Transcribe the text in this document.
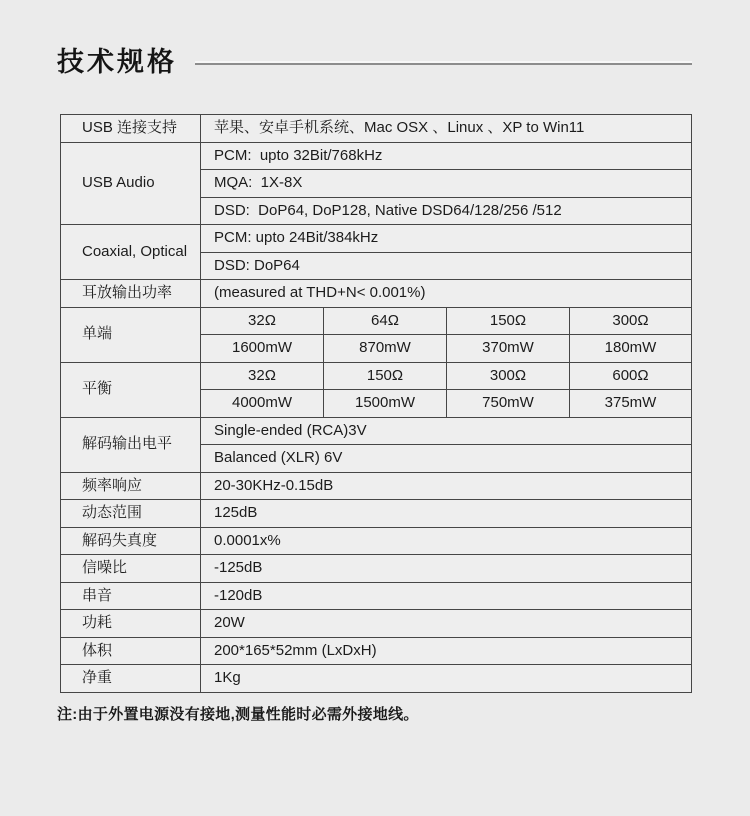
技术规格
USB 连接支持	苹果、安卓手机系统、Mac OSX 、Linux 、XP to Win11			
USB Audio	PCM:  upto 32Bit/768kHz			
	MQA:  1X-8X			
	DSD:  DoP64, DoP128, Native DSD64/128/256 /512			
Coaxial, Optical	PCM: upto 24Bit/384kHz			
	DSD: DoP64			
耳放输出功率	(measured at THD+N< 0.001%)			
单端	32Ω	64Ω	150Ω	300Ω
	1600mW	870mW	370mW	180mW
平衡	32Ω	150Ω	300Ω	600Ω
	4000mW	1500mW	750mW	375mW
解码输出电平	Single-ended (RCA)3V			
	Balanced (XLR) 6V			
频率响应	20-30KHz-0.15dB			
动态范围	125dB			
解码失真度	0.0001x%			
信噪比	-125dB			
串音	-120dB			
功耗	20W			
体积	200*165*52mm (LxDxH)			
净重	1Kg			

注:由于外置电源没有接地,测量性能时必需外接地线。
